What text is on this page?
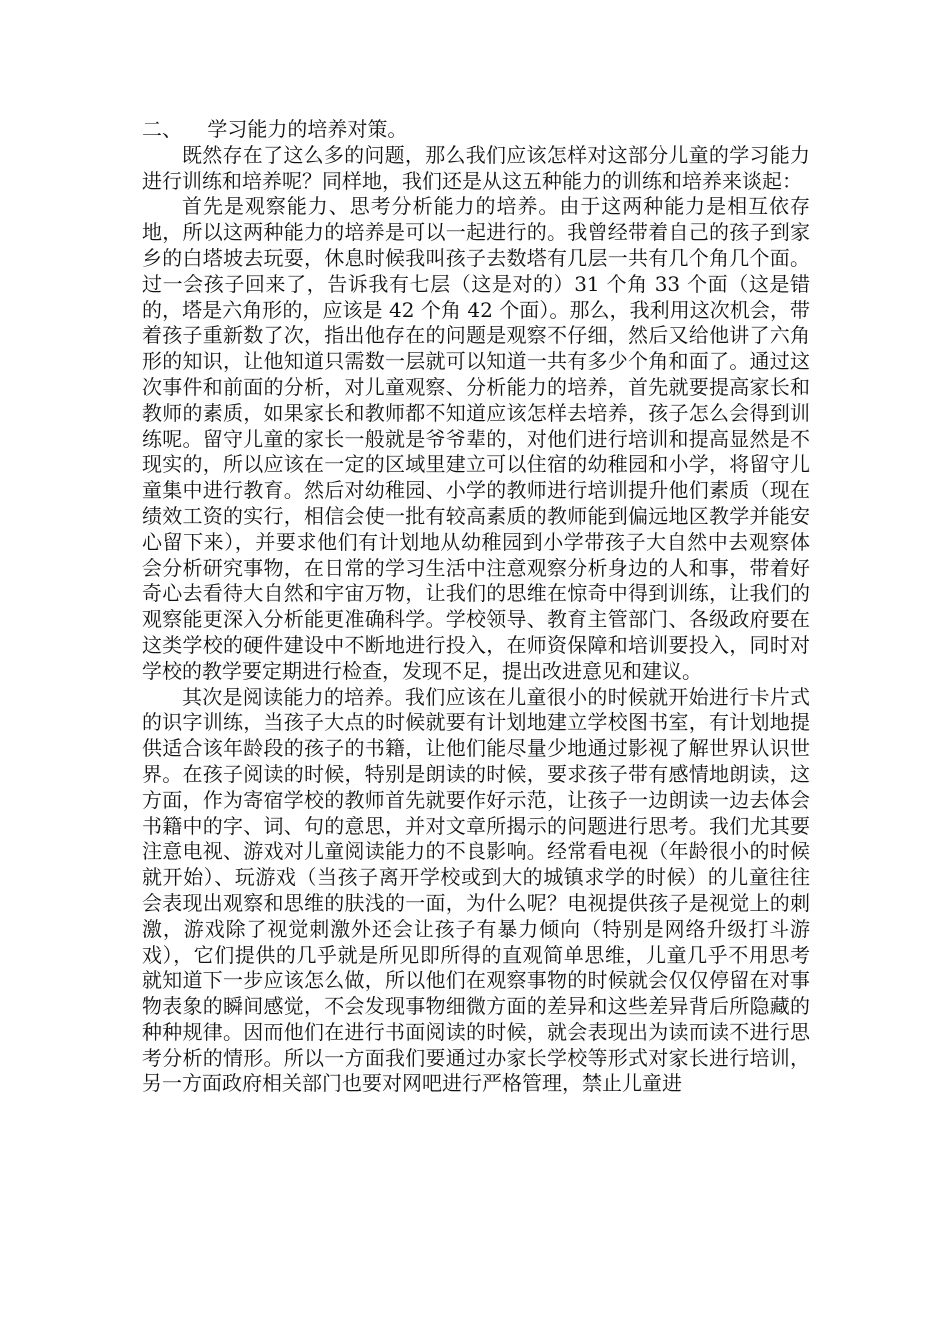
二、    学习能力的培养对策。

既然存在了这么多的问题，那么我们应该怎样对这部分儿童的学习能力进行训练和培养呢？同样地，我们还是从这五种能力的训练和培养来谈起：

首先是观察能力、思考分析能力的培养。由于这两种能力是相互依存地，所以这两种能力的培养是可以一起进行的。我曾经带着自己的孩子到家乡的白塔坡去玩耍，休息时候我叫孩子去数塔有几层一共有几个角几个面。过一会孩子回来了，告诉我有七层（这是对的）31 个角 33 个面（这是错的，塔是六角形的，应该是 42 个角 42 个面）。那么，我利用这次机会，带着孩子重新数了次，指出他存在的问题是观察不仔细，然后又给他讲了六角形的知识，让他知道只需数一层就可以知道一共有多少个角和面了。通过这次事件和前面的分析，对儿童观察、分析能力的培养，首先就要提高家长和教师的素质，如果家长和教师都不知道应该怎样去培养，孩子怎么会得到训练呢。留守儿童的家长一般就是爷爷辈的，对他们进行培训和提高显然是不现实的，所以应该在一定的区域里建立可以住宿的幼稚园和小学，将留守儿童集中进行教育。然后对幼稚园、小学的教师进行培训提升他们素质（现在绩效工资的实行，相信会使一批有较高素质的教师能到偏远地区教学并能安心留下来），并要求他们有计划地从幼稚园到小学带孩子大自然中去观察体会分析研究事物，在日常的学习生活中注意观察分析身边的人和事，带着好奇心去看待大自然和宇宙万物，让我们的思维在惊奇中得到训练，让我们的观察能更深入分析能更准确科学。学校领导、教育主管部门、各级政府要在这类学校的硬件建设中不断地进行投入，在师资保障和培训要投入，同时对学校的教学要定期进行检查，发现不足，提出改进意见和建议。

其次是阅读能力的培养。我们应该在儿童很小的时候就开始进行卡片式的识字训练，当孩子大点的时候就要有计划地建立学校图书室，有计划地提供适合该年龄段的孩子的书籍，让他们能尽量少地通过影视了解世界认识世界。在孩子阅读的时候，特别是朗读的时候，要求孩子带有感情地朗读，这方面，作为寄宿学校的教师首先就要作好示范，让孩子一边朗读一边去体会书籍中的字、词、句的意思，并对文章所揭示的问题进行思考。我们尤其要注意电视、游戏对儿童阅读能力的不良影响。经常看电视（年龄很小的时候就开始）、玩游戏（当孩子离开学校或到大的城镇求学的时候）的儿童往往会表现出观察和思维的肤浅的一面，为什么呢？电视提供孩子是视觉上的刺激，游戏除了视觉刺激外还会让孩子有暴力倾向（特别是网络升级打斗游戏），它们提供的几乎就是所见即所得的直观简单思维，儿童几乎不用思考就知道下一步应该怎么做，所以他们在观察事物的时候就会仅仅停留在对事物表象的瞬间感觉，不会发现事物细微方面的差异和这些差异背后所隐藏的种种规律。因而他们在进行书面阅读的时候，就会表现出为读而读不进行思考分析的情形。所以一方面我们要通过办家长学校等形式对家长进行培训，另一方面政府相关部门也要对网吧进行严格管理，禁止儿童进
